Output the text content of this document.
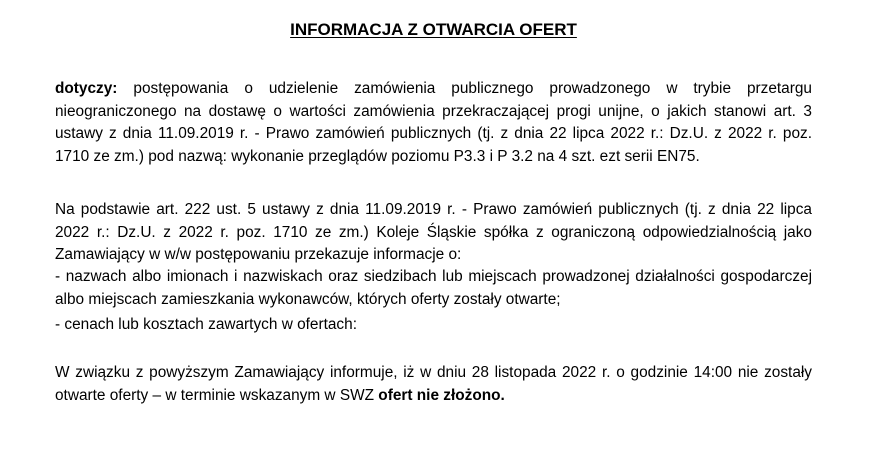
INFORMACJA Z OTWARCIA OFERT

dotyczy: postępowania o udzielenie zamówienia publicznego prowadzonego w trybie przetargu nieograniczonego na dostawę o wartości zamówienia przekraczającej progi unijne, o jakich stanowi art. 3 ustawy z dnia 11.09.2019 r. - Prawo zamówień publicznych (tj. z dnia 22 lipca 2022 r.: Dz.U. z 2022 r. poz. 1710 ze zm.) pod nazwą: wykonanie przeglądów poziomu P3.3 i P 3.2 na 4 szt. ezt serii EN75.

Na podstawie art. 222 ust. 5 ustawy z dnia 11.09.2019 r. - Prawo zamówień publicznych (tj. z dnia 22 lipca 2022 r.: Dz.U. z 2022 r. poz. 1710 ze zm.) Koleje Śląskie spółka z ograniczoną odpowiedzialnością jako Zamawiający w w/w postępowaniu przekazuje informacje o:

- nazwach albo imionach i nazwiskach oraz siedzibach lub miejscach prowadzonej działalności gospodarczej albo miejscach zamieszkania wykonawców, których oferty zostały otwarte;

- cenach lub kosztach zawartych w ofertach:

W związku z powyższym Zamawiający informuje, iż w dniu 28 listopada 2022 r. o godzinie 14:00 nie zostały otwarte oferty – w terminie wskazanym w SWZ ofert nie złożono.
